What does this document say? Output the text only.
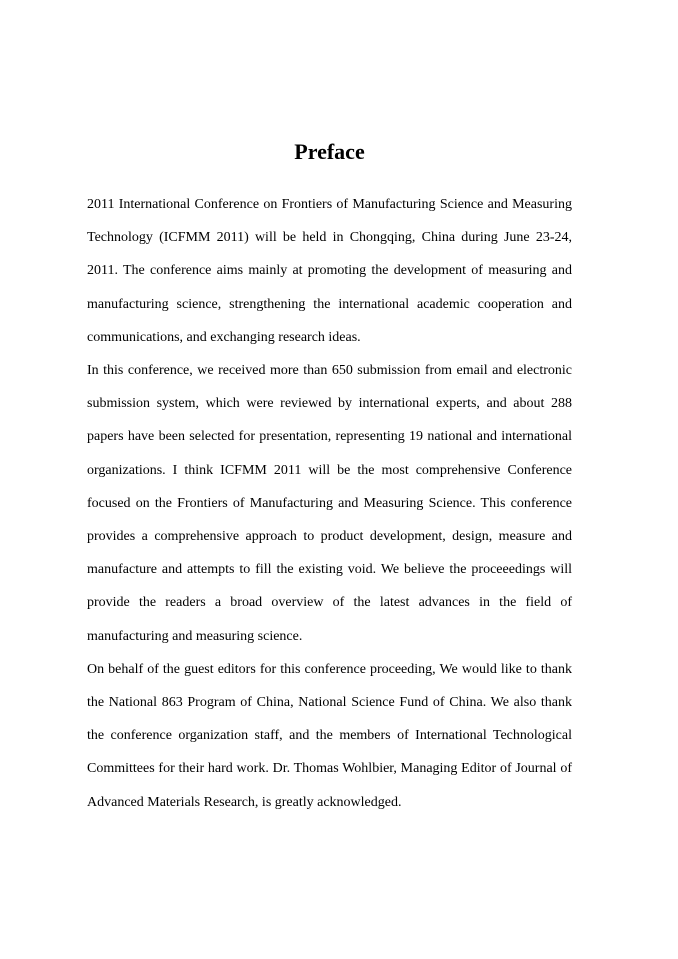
Preface

2011 International Conference on Frontiers of Manufacturing Science and Measuring Technology (ICFMM 2011) will be held in Chongqing, China during June 23-24, 2011. The conference aims mainly at promoting the development of measuring and manufacturing science, strengthening the international academic cooperation and communications, and exchanging research ideas.

In this conference, we received more than 650 submission from email and electronic submission system, which were reviewed by international experts, and about 288 papers have been selected for presentation, representing 19 national and international organizations. I think ICFMM 2011 will be the most comprehensive Conference focused on the Frontiers of Manufacturing and Measuring Science. This conference provides a comprehensive approach to product development, design, measure and manufacture and attempts to fill the existing void. We believe the proceeedings will provide the readers a broad overview of the latest advances in the field of manufacturing and measuring science.

On behalf of the guest editors for this conference proceeding, We would like to thank the National 863 Program of China, National Science Fund of China. We also thank the conference organization staff, and the members of International Technological Committees for their hard work. Dr. Thomas Wohlbier, Managing Editor of Journal of Advanced Materials Research, is greatly acknowledged.
